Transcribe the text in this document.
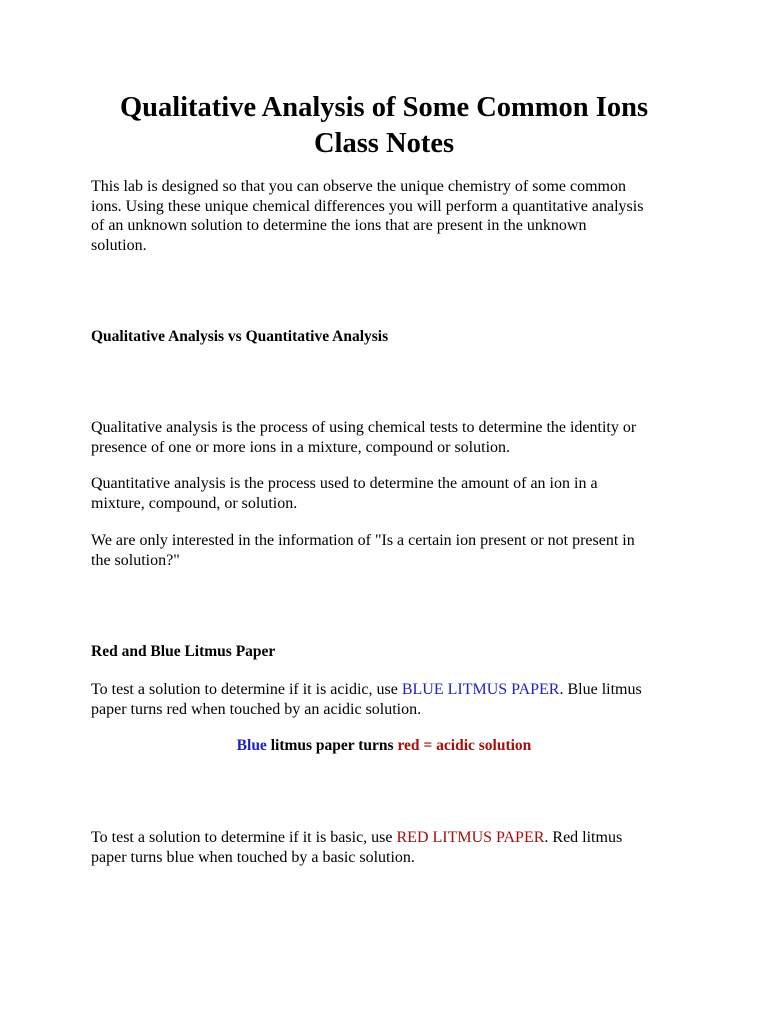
Qualitative Analysis of Some Common Ions
Class Notes

This lab is designed so that you can observe the unique chemistry of some common
ions. Using these unique chemical differences you will perform a quantitative analysis
of an unknown solution to determine the ions that are present in the unknown
solution.

Qualitative Analysis vs Quantitative Analysis

Qualitative analysis is the process of using chemical tests to determine the identity or
presence of one or more ions in a mixture, compound or solution.

Quantitative analysis is the process used to determine the amount of an ion in a
mixture, compound, or solution.

We are only interested in the information of "Is a certain ion present or not present in
the solution?"

Red and Blue Litmus Paper

To test a solution to determine if it is acidic, use BLUE LITMUS PAPER. Blue litmus
paper turns red when touched by an acidic solution.

Blue litmus paper turns red = acidic solution

To test a solution to determine if it is basic, use RED LITMUS PAPER. Red litmus
paper turns blue when touched by a basic solution.
